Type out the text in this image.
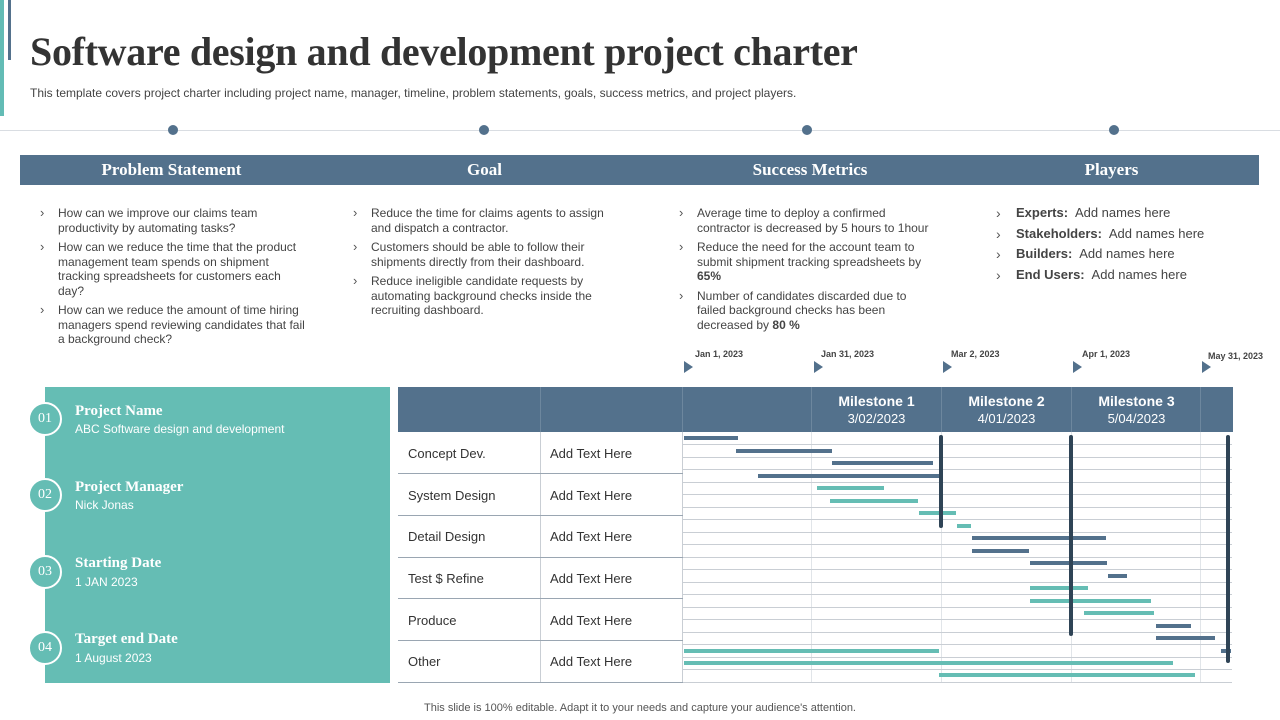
Software design and development project charter

This template covers project charter including project name, manager, timeline, problem statements, goals, success metrics, and project players.

Problem Statement	Goal	Success Metrics	Players
› How can we improve our claims team productivity by automating tasks?
› How can we reduce the time that the product management team spends on shipment tracking spreadsheets for customers each day?
› How can we reduce the amount of time hiring managers spend reviewing candidates that fail a background check?
› Reduce the time for claims agents to assign and dispatch a contractor.
› Customers should be able to follow their shipments directly from their dashboard.
› Reduce ineligible candidate requests by automating background checks inside the recruiting dashboard.
› Average time to deploy a confirmed contractor is decreased by 5 hours to 1hour
› Reduce the need for the account team to submit shipment tracking spreadsheets by 65%
› Number of candidates discarded due to failed background checks has been decreased by 80 %
› Experts: Add names here
› Stakeholders: Add names here
› Builders: Add names here
› End Users: Add names here
01	Project Name
ABC Software design and development
02	Project Manager
Nick Jonas
03
Starting Date
1 JAN 2023
04
Target end Date
1 August 2023
Jan 1, 2023	Jan 31, 2023	Mar 2, 2023	Apr 1, 2023	May 31, 2023
Milestone 1
3/02/2023
Milestone 2
4/01/2023
Milestone 3
5/04/2023
Concept Dev.	Add Text Here
System Design	Add Text Here
Detail Design	Add Text Here
Test $ Refine	Add Text Here
Produce	Add Text Here
Other	Add Text Here
This slide is 100% editable. Adapt it to your needs and capture your audience's attention.
